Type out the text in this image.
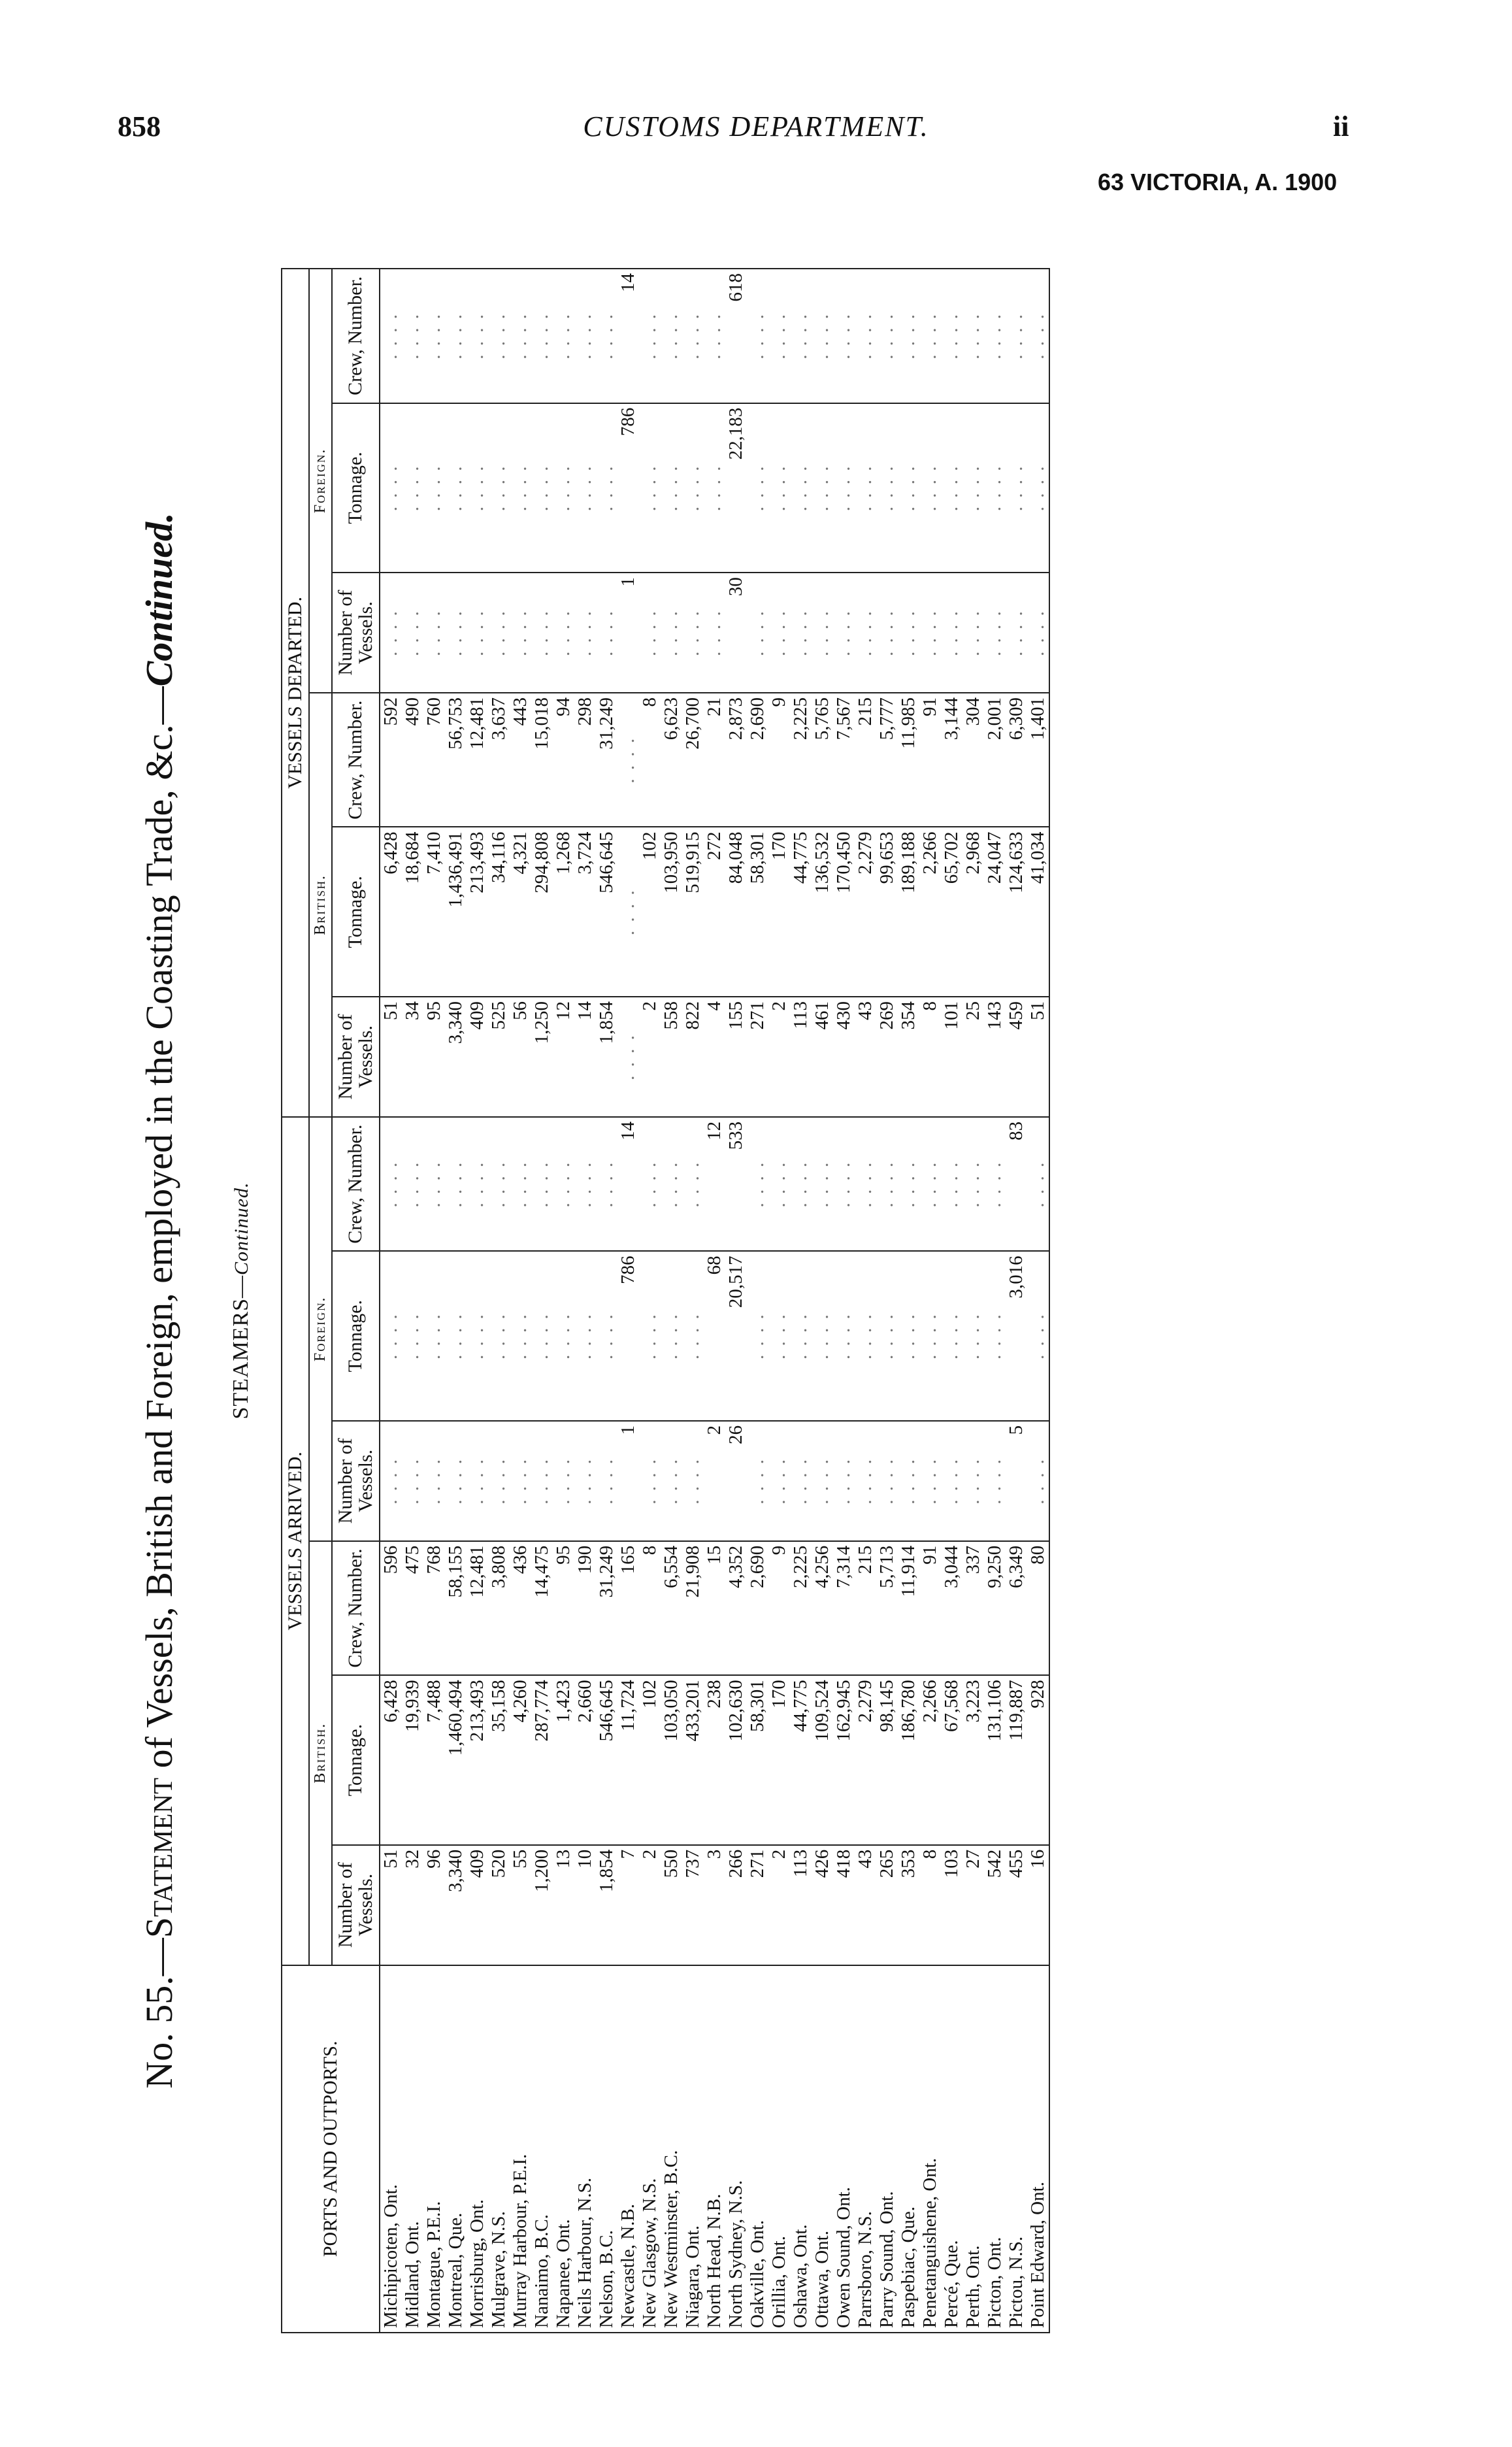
858	CUSTOMS DEPARTMENT.	ii
63 VICTORIA, A. 1900
No. 55.—Statement of Vessels, British and Foreign, employed in the Coasting Trade, &c.—Continued.
STEAMERS—Continued.
PORTS AND OUTPORTS.	VESSELS ARRIVED.						VESSELS DEPARTED.					
	British.			Foreign.			British.			Foreign.		
	Number of Vessels.	Tonnage.	Crew, Number.	Number of Vessels.	Tonnage.	Crew, Number.	Number of Vessels.	Tonnage.	Crew, Number.	Number of Vessels.	Tonnage.	Crew, Number.
Michipicoten, Ont.	51	6,428	596	. . . .	. . . .	. . . .	51	6,428	592	. . . .	. . . .	. . . .
Midland, Ont.	32	19,939	475	. . . .	. . . .	. . . .	34	18,684	490	. . . .	. . . .	. . . .
Montague, P.E.I.	96	7,488	768	. . . .	. . . .	. . . .	95	7,410	760	. . . .	. . . .	. . . .
Montreal, Que.	3,340	1,460,494	58,155	. . . .	. . . .	. . . .	3,340	1,436,491	56,753	. . . .	. . . .	. . . .
Morrisburg, Ont.	409	213,493	12,481	. . . .	. . . .	. . . .	409	213,493	12,481	. . . .	. . . .	. . . .
Mulgrave, N.S.	520	35,158	3,808	. . . .	. . . .	. . . .	525	34,116	3,637	. . . .	. . . .	. . . .
Murray Harbour, P.E.I.	55	4,260	436	. . . .	. . . .	. . . .	56	4,321	443	. . . .	. . . .	. . . .
Nanaimo, B.C.	1,200	287,774	14,475	. . . .	. . . .	. . . .	1,250	294,808	15,018	. . . .	. . . .	. . . .
Napanee, Ont.	13	1,423	95	. . . .	. . . .	. . . .	12	1,268	94	. . . .	. . . .	. . . .
Neils Harbour, N.S.	10	2,660	190	. . . .	. . . .	. . . .	14	3,724	298	. . . .	. . . .	. . . .
Nelson, B.C.	1,854	546,645	31,249	. . . .	. . . .	. . . .	1,854	546,645	31,249	. . . .	. . . .	. . . .
Newcastle, N.B.	7	11,724	165	1	786	14	. . . .	. . . .	. . . .	1	786	14
New Glasgow, N.S.	2	102	8	. . . .	. . . .	. . . .	2	102	8	. . . .	. . . .	. . . .
New Westminster, B.C.	550	103,050	6,554	. . . .	. . . .	. . . .	558	103,950	6,623	. . . .	. . . .	. . . .
Niagara, Ont.	737	433,201	21,908	. . . .	. . . .	. . . .	822	519,915	26,700	. . . .	. . . .	. . . .
North Head, N.B.	3	238	15	2	68	12	4	272	21	. . . .	. . . .	. . . .
North Sydney, N.S.	266	102,630	4,352	26	20,517	533	155	84,048	2,873	30	22,183	618
Oakville, Ont.	271	58,301	2,690	. . . .	. . . .	. . . .	271	58,301	2,690	. . . .	. . . .	. . . .
Orillia, Ont.	2	170	9	. . . .	. . . .	. . . .	2	170	9	. . . .	. . . .	. . . .
Oshawa, Ont.	113	44,775	2,225	. . . .	. . . .	. . . .	113	44,775	2,225	. . . .	. . . .	. . . .
Ottawa, Ont.	426	109,524	4,256	. . . .	. . . .	. . . .	461	136,532	5,765	. . . .	. . . .	. . . .
Owen Sound, Ont.	418	162,945	7,314	. . . .	. . . .	. . . .	430	170,450	7,567	. . . .	. . . .	. . . .
Parrsboro, N.S.	43	2,279	215	. . . .	. . . .	. . . .	43	2,279	215	. . . .	. . . .	. . . .
Parry Sound, Ont.	265	98,145	5,713	. . . .	. . . .	. . . .	269	99,653	5,777	. . . .	. . . .	. . . .
Paspebiac, Que.	353	186,780	11,914	. . . .	. . . .	. . . .	354	189,188	11,985	. . . .	. . . .	. . . .
Penetanguishene, Ont.	8	2,266	91	. . . .	. . . .	. . . .	8	2,266	91	. . . .	. . . .	. . . .
Percé, Que.	103	67,568	3,044	. . . .	. . . .	. . . .	101	65,702	3,144	. . . .	. . . .	. . . .
Perth, Ont.	27	3,223	337	. . . .	. . . .	. . . .	25	2,968	304	. . . .	. . . .	. . . .
Picton, Ont.	542	131,106	9,250	. . . .	. . . .	. . . .	143	24,047	2,001	. . . .	. . . .	. . . .
Pictou, N.S.	455	119,887	6,349	5	3,016	83	459	124,633	6,309	. . . .	. . . .	. . . .
Point Edward, Ont.	16	928	80	. . . .	. . . .	. . . .	51	41,034	1,401	. . . .	. . . .	. . . .
